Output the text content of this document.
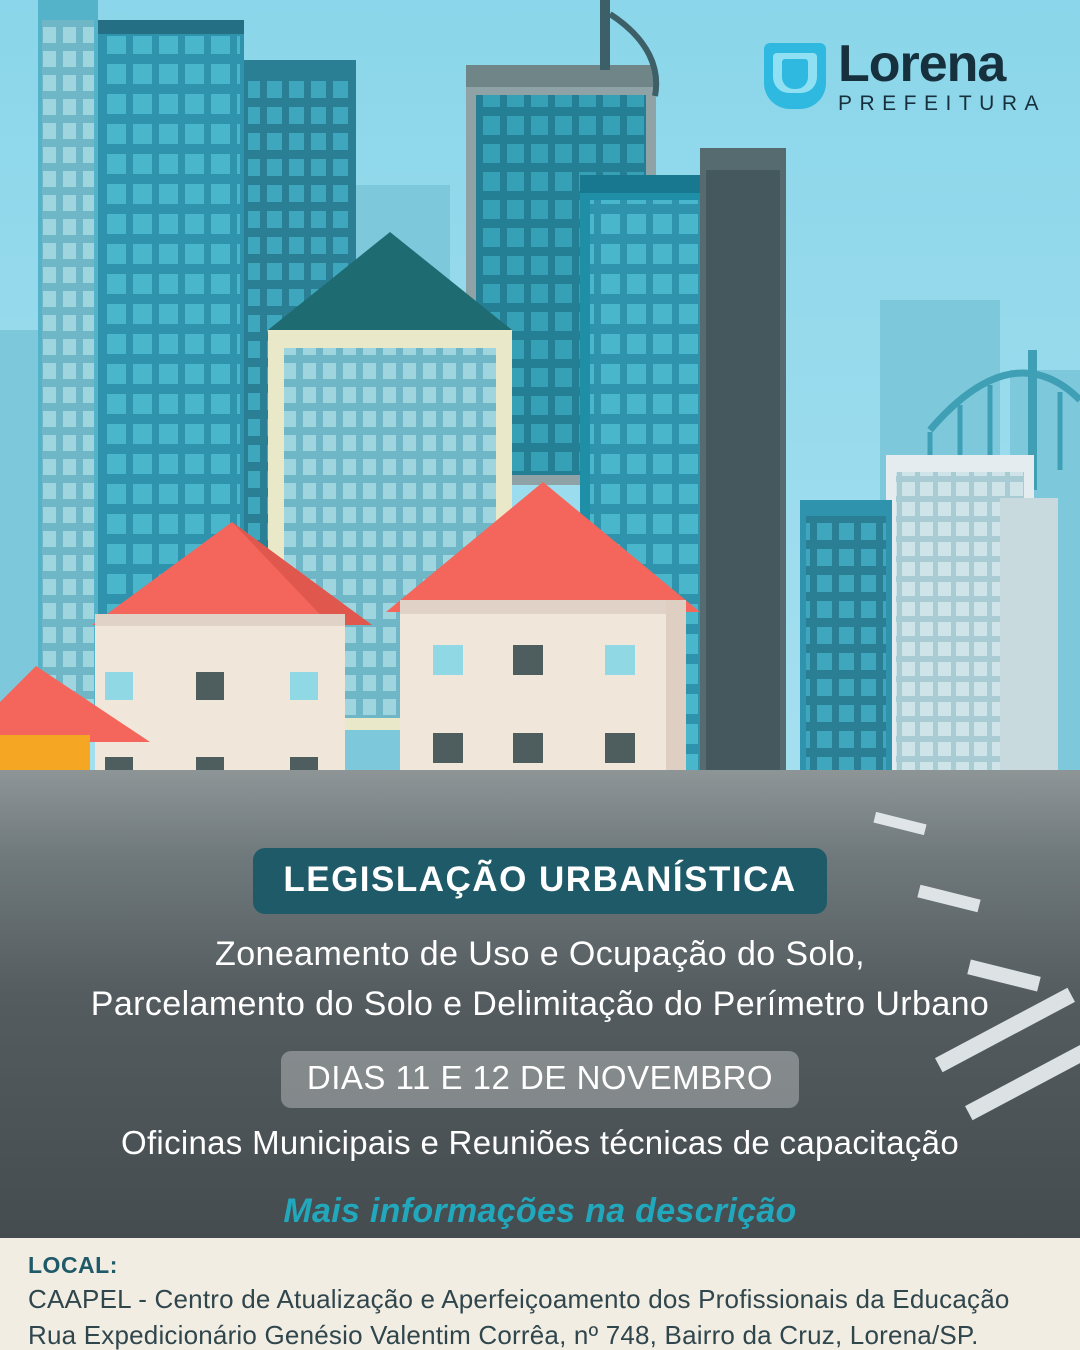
Lorena
PREFEITURA
LEGISLAÇÃO URBANÍSTICA
Zoneamento de Uso e Ocupação do Solo,
Parcelamento do Solo e Delimitação do Perímetro Urbano
DIAS 11 E 12 DE NOVEMBRO
Oficinas Municipais e Reuniões técnicas de capacitação
Mais informações na descrição
LOCAL:
CAAPEL - Centro de Atualização e Aperfeiçoamento dos Profissionais da Educação
Rua Expedicionário Genésio Valentim Corrêa, nº 748, Bairro da Cruz, Lorena/SP.
